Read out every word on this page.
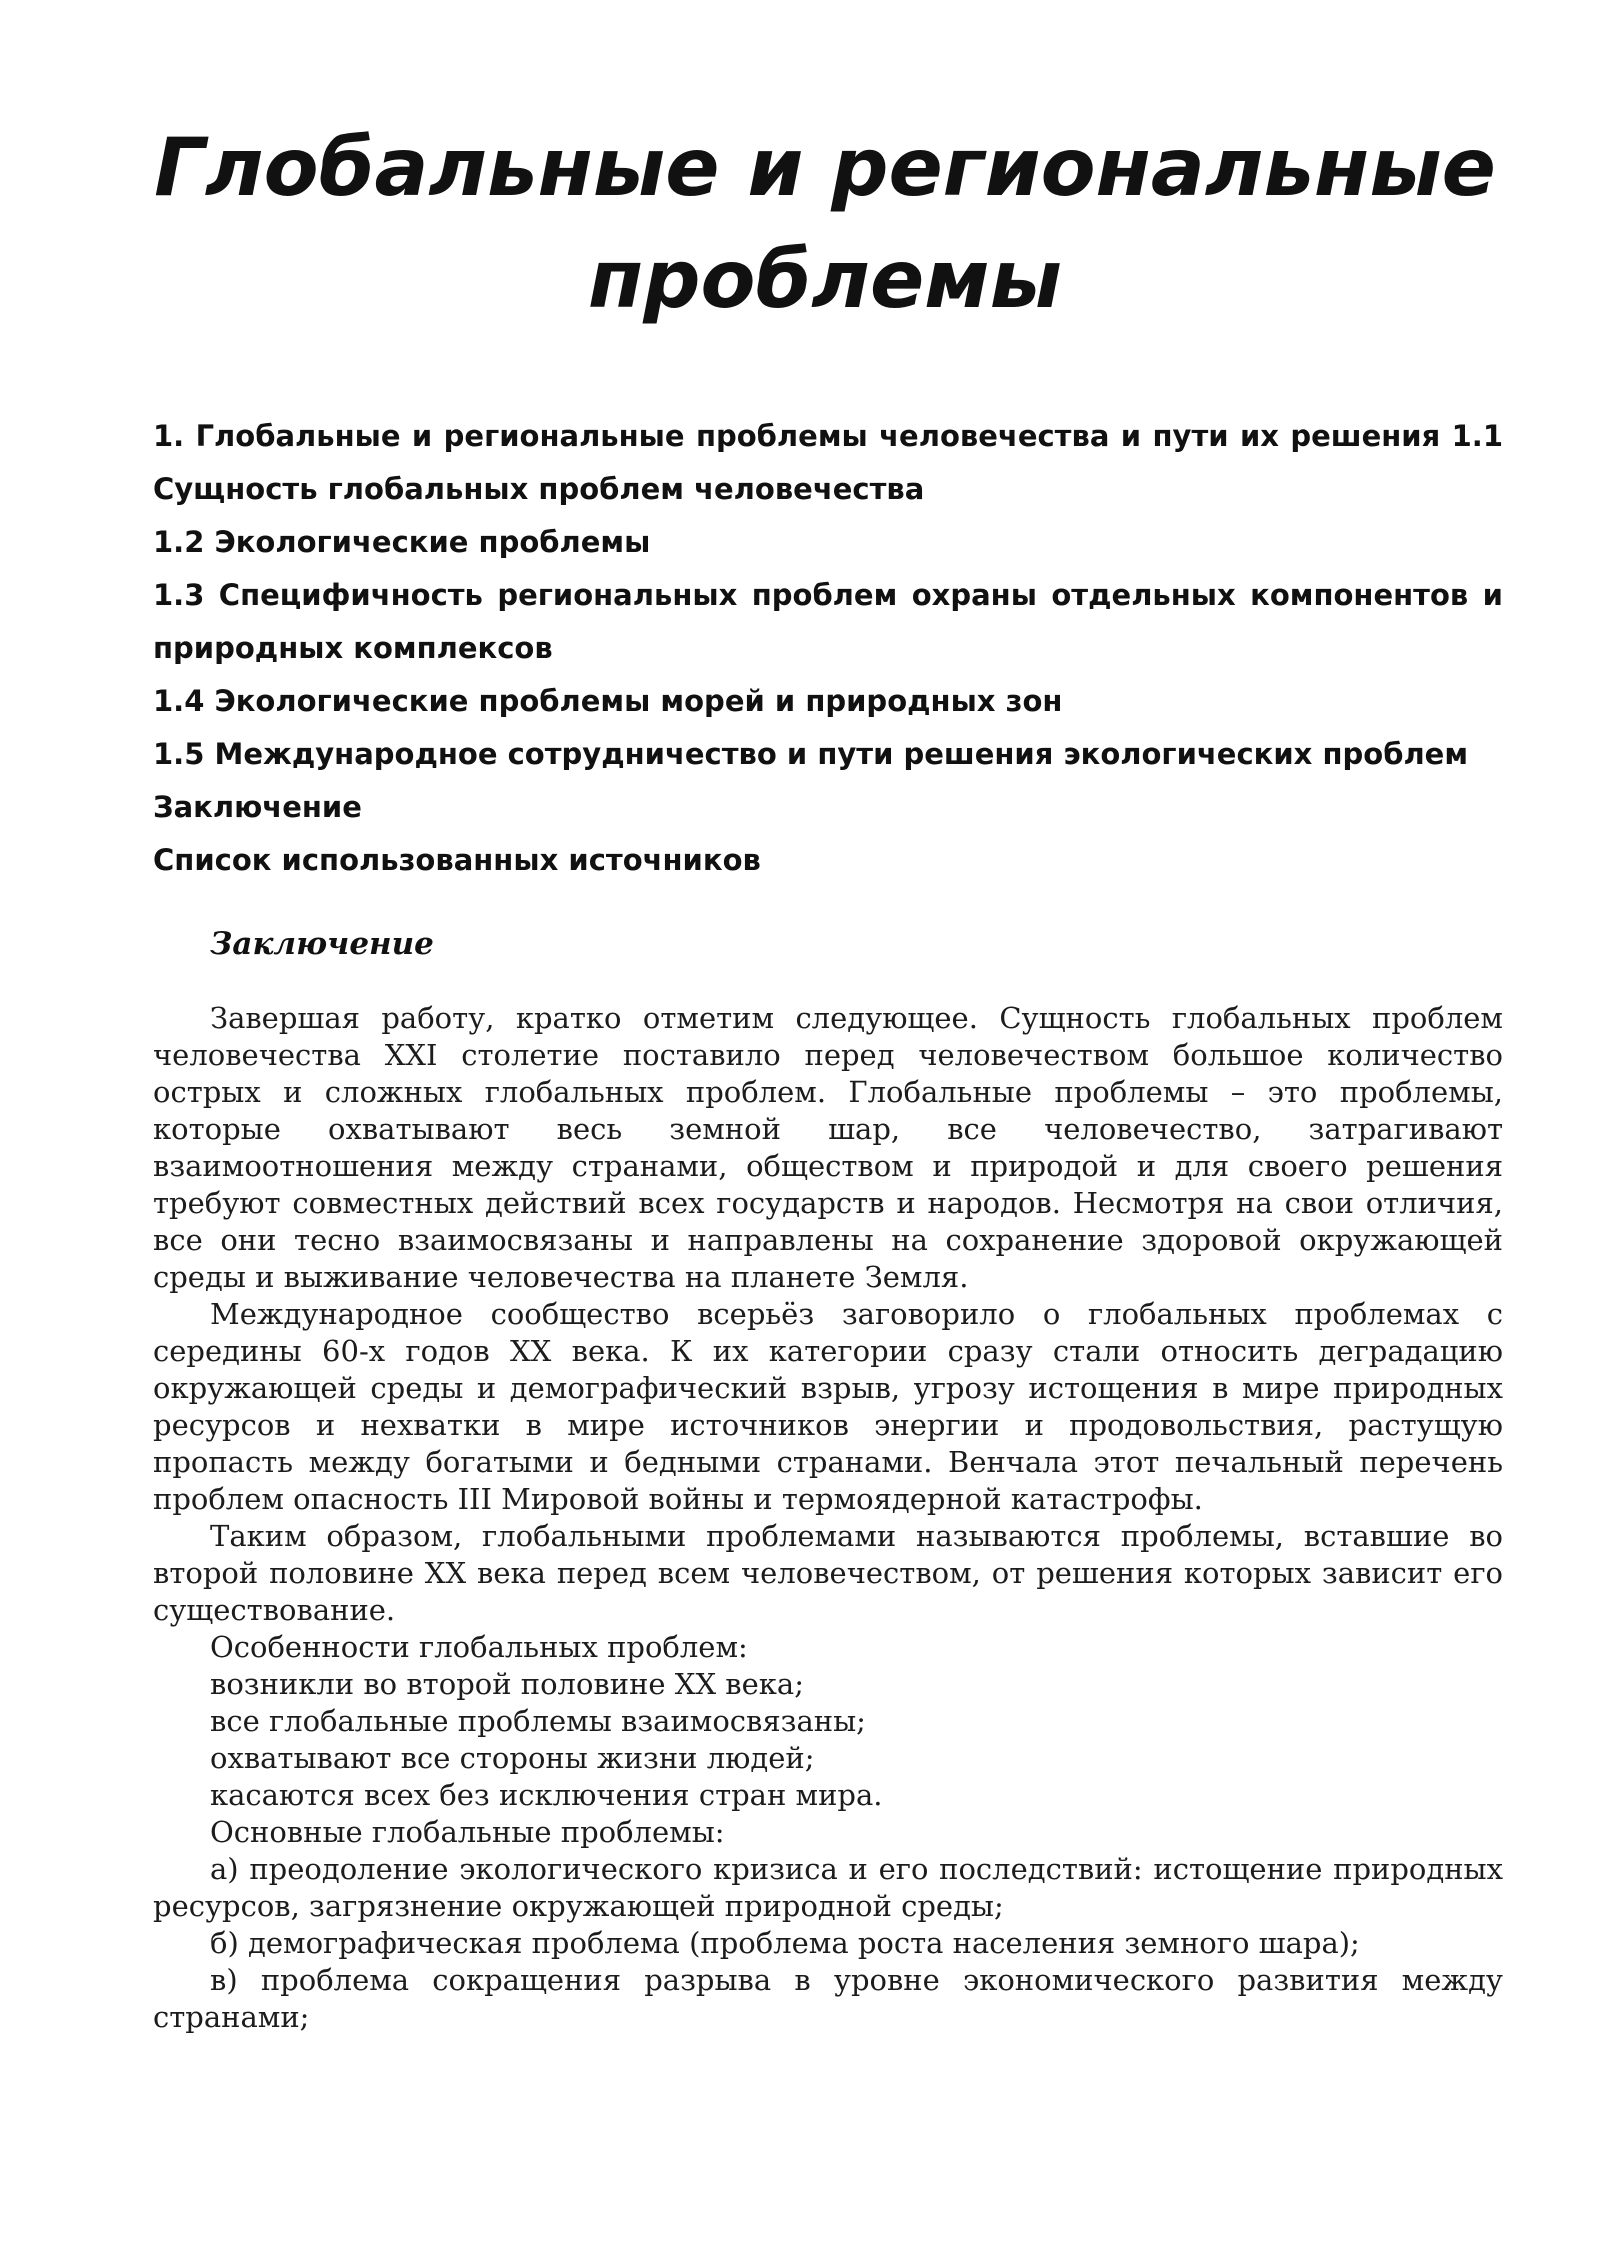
Глобальные и региональные проблемы
1. Глобальные и региональные проблемы человечества и пути их решения 1.1 Сущность глобальных проблем человечества
1.2 Экологические проблемы
1.3 Специфичность региональных проблем охраны отдельных компонентов и природных комплексов
1.4 Экологические проблемы морей и природных зон
1.5 Международное сотрудничество и пути решения экологических проблем
Заключение
Список использованных источников
Заключение

Завершая работу, кратко отметим следующее. Сущность глобальных проблем человечества XXI столетие поставило перед человечеством большое количество острых и сложных глобальных проблем. Глобальные проблемы – это проблемы, которые охватывают весь земной шар, все человечество, затрагивают взаимоотношения между странами, обществом и природой и для своего решения требуют совместных действий всех государств и народов. Несмотря на свои отличия, все они тесно взаимосвязаны и направлены на сохранение здоровой окружающей среды и выживание человечества на планете Земля.

Международное сообщество всерьёз заговорило о глобальных проблемах с середины 60-х годов XX века. К их категории сразу стали относить деградацию окружающей среды и демографический взрыв, угрозу истощения в мире природных ресурсов и нехватки в мире источников энергии и продовольствия, растущую пропасть между богатыми и бедными странами. Венчала этот печальный перечень проблем опасность III Мировой войны и термоядерной катастрофы.

Таким образом, глобальными проблемами называются проблемы, вставшие во второй половине XX века перед всем человечеством, от решения которых зависит его существование.

Особенности глобальных проблем:

возникли во второй половине XX века;

все глобальные проблемы взаимосвязаны;

охватывают все стороны жизни людей;

касаются всех без исключения стран мира.

Основные глобальные проблемы:

а) преодоление экологического кризиса и его последствий: истощение природных ресурсов, загрязнение окружающей природной среды;

б) демографическая проблема (проблема роста населения земного шара);

в) проблема сокращения разрыва в уровне экономического развития между странами;
